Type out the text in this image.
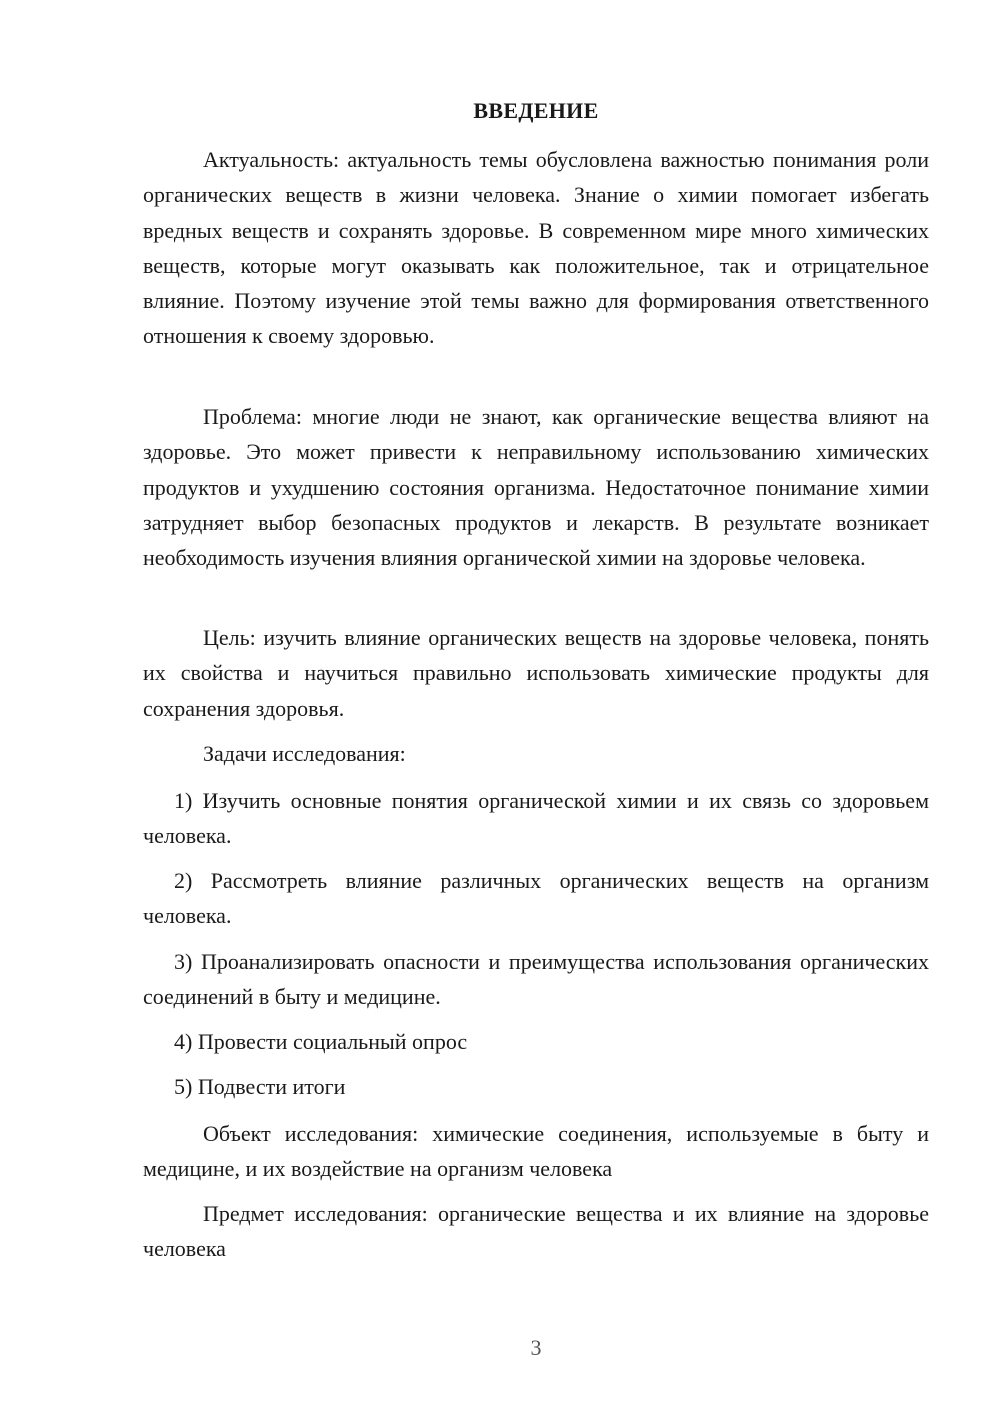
ВВЕДЕНИЕ

Актуальность: актуальность темы обусловлена важностью понимания роли органических веществ в жизни человека. Знание о химии помогает избегать вредных веществ и сохранять здоровье. В современном мире много химических веществ, которые могут оказывать как положительное, так и отрицательное влияние. Поэтому изучение этой темы важно для формирования ответственного отношения к своему здоровью.

Проблема: многие люди не знают, как органические вещества влияют на здоровье. Это может привести к неправильному использованию химических продуктов и ухудшению состояния организма. Недостаточное понимание химии затрудняет выбор безопасных продуктов и лекарств. В результате возникает необходимость изучения влияния органической химии на здоровье человека.

Цель: изучить влияние органических веществ на здоровье человека, понять их свойства и научиться правильно использовать химические продукты для сохранения здоровья.

Задачи исследования:

1) Изучить основные понятия органической химии и их связь со здоровьем человека.

2) Рассмотреть влияние различных органических веществ на организм человека.

3) Проанализировать опасности и преимущества использования органических соединений в быту и медицине.

4) Провести социальный опрос

5) Подвести итоги

Объект исследования: химические соединения, используемые в быту и медицине, и их воздействие на организм человека

Предмет исследования: органические вещества и их влияние на здоровье человека

3
